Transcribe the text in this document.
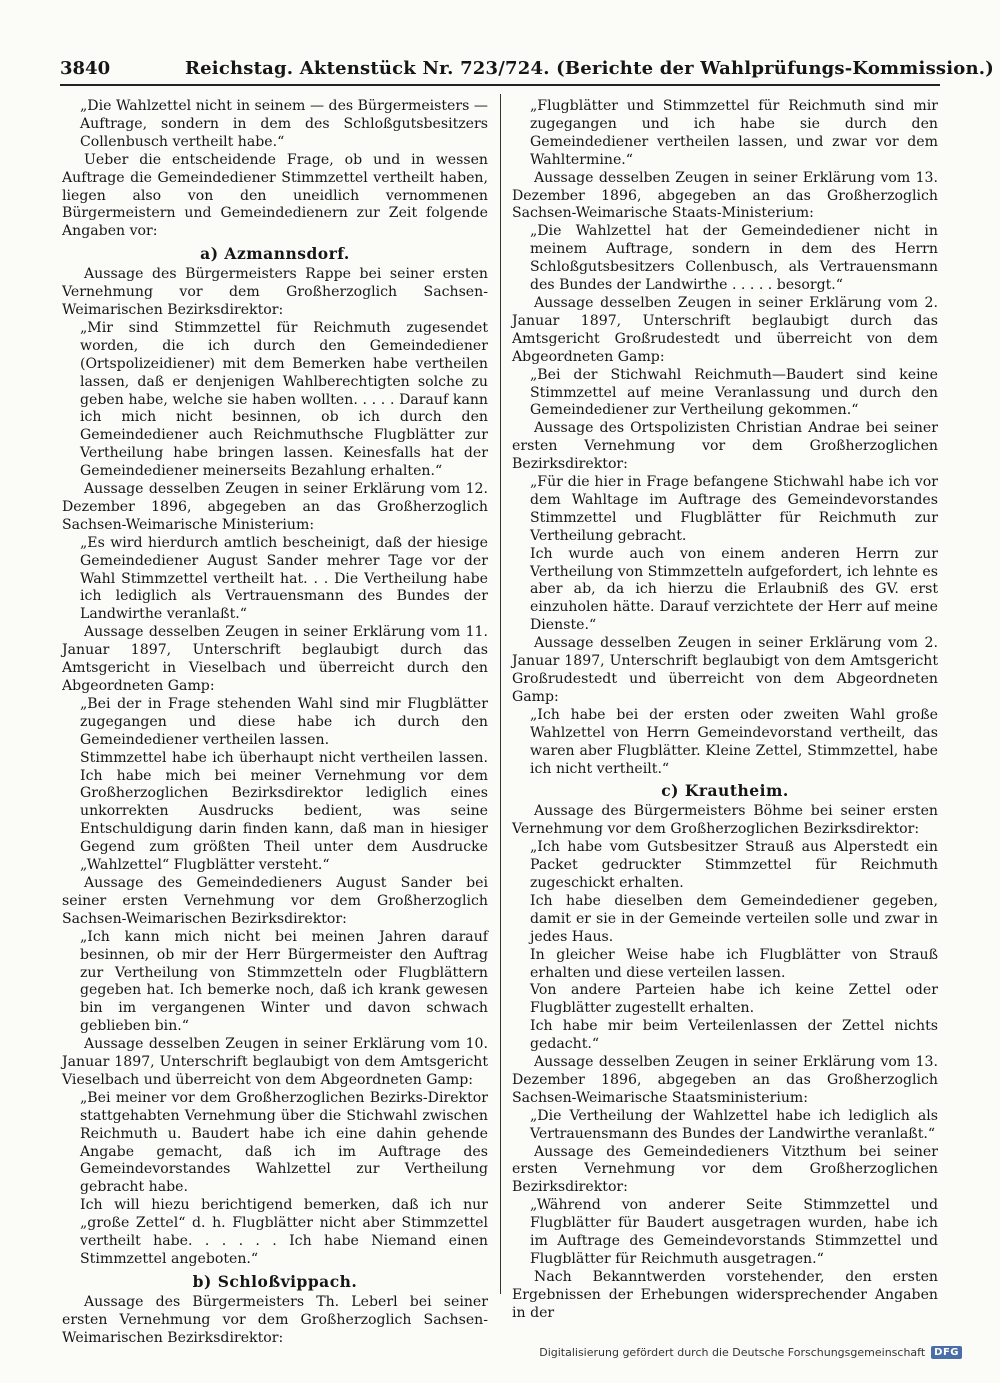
3840	Reichstag. Aktenstück Nr. 723/724. (Berichte der Wahlprüfungs-Kommission.)

„Die Wahlzettel nicht in seinem — des Bürgermeisters — Auftrage, sondern in dem des Schloßgutsbesitzers Collenbusch vertheilt habe.“

Ueber die entscheidende Frage, ob und in wessen Auftrage die Gemeindediener Stimmzettel vertheilt haben, liegen also von den uneidlich vernommenen Bürgermeistern und Gemeindedienern zur Zeit folgende Angaben vor:

a) Azmannsdorf.

Aussage des Bürgermeisters Rappe bei seiner ersten Vernehmung vor dem Großherzoglich Sachsen-Weimarischen Bezirksdirektor:

„Mir sind Stimmzettel für Reichmuth zugesendet worden, die ich durch den Gemeindediener (Ortspolizeidiener) mit dem Bemerken habe vertheilen lassen, daß er denjenigen Wahlberechtigten solche zu geben habe, welche sie haben wollten. . . . . Darauf kann ich mich nicht besinnen, ob ich durch den Gemeindediener auch Reichmuthsche Flugblätter zur Vertheilung habe bringen lassen. Keinesfalls hat der Gemeindediener meinerseits Bezahlung erhalten.“

Aussage desselben Zeugen in seiner Erklärung vom 12. Dezember 1896, abgegeben an das Großherzoglich Sachsen-Weimarische Ministerium:

„Es wird hierdurch amtlich bescheinigt, daß der hiesige Gemeindediener August Sander mehrer Tage vor der Wahl Stimmzettel vertheilt hat. . . Die Vertheilung habe ich lediglich als Vertrauensmann des Bundes der Landwirthe veranlaßt.“

Aussage desselben Zeugen in seiner Erklärung vom 11. Januar 1897, Unterschrift beglaubigt durch das Amtsgericht in Vieselbach und überreicht durch den Abgeordneten Gamp:

„Bei der in Frage stehenden Wahl sind mir Flugblätter zugegangen und diese habe ich durch den Gemeindediener vertheilen lassen.

Stimmzettel habe ich überhaupt nicht vertheilen lassen. Ich habe mich bei meiner Vernehmung vor dem Großherzoglichen Bezirksdirektor lediglich eines unkorrekten Ausdrucks bedient, was seine Entschuldigung darin finden kann, daß man in hiesiger Gegend zum größten Theil unter dem Ausdrucke „Wahlzettel“ Flugblätter versteht.“

Aussage des Gemeindedieners August Sander bei seiner ersten Vernehmung vor dem Großherzoglich Sachsen-Weimarischen Bezirksdirektor:

„Ich kann mich nicht bei meinen Jahren darauf besinnen, ob mir der Herr Bürgermeister den Auftrag zur Vertheilung von Stimmzetteln oder Flugblättern gegeben hat. Ich bemerke noch, daß ich krank gewesen bin im vergangenen Winter und davon schwach geblieben bin.“

Aussage desselben Zeugen in seiner Erklärung vom 10. Januar 1897, Unterschrift beglaubigt von dem Amtsgericht Vieselbach und überreicht von dem Abgeordneten Gamp:

„Bei meiner vor dem Großherzoglichen Bezirks-Direktor stattgehabten Vernehmung über die Stichwahl zwischen Reichmuth u. Baudert habe ich eine dahin gehende Angabe gemacht, daß ich im Auftrage des Gemeindevorstandes Wahlzettel zur Vertheilung gebracht habe.

Ich will hiezu berichtigend bemerken, daß ich nur „große Zettel“ d. h. Flugblätter nicht aber Stimmzettel vertheilt habe. . . . . . Ich habe Niemand einen Stimmzettel angeboten.“

b) Schloßvippach.

Aussage des Bürgermeisters Th. Leberl bei seiner ersten Vernehmung vor dem Großherzoglich Sachsen-Weimarischen Bezirksdirektor:

„Flugblätter und Stimmzettel für Reichmuth sind mir zugegangen und ich habe sie durch den Gemeindediener vertheilen lassen, und zwar vor dem Wahltermine.“

Aussage desselben Zeugen in seiner Erklärung vom 13. Dezember 1896, abgegeben an das Großherzoglich Sachsen-Weimarische Staats-Ministerium:

„Die Wahlzettel hat der Gemeindediener nicht in meinem Auftrage, sondern in dem des Herrn Schloßgutsbesitzers Collenbusch, als Vertrauensmann des Bundes der Landwirthe . . . . . besorgt.“

Aussage desselben Zeugen in seiner Erklärung vom 2. Januar 1897, Unterschrift beglaubigt durch das Amtsgericht Großrudestedt und überreicht von dem Abgeordneten Gamp:

„Bei der Stichwahl Reichmuth—Baudert sind keine Stimmzettel auf meine Veranlassung und durch den Gemeindediener zur Vertheilung gekommen.“

Aussage des Ortspolizisten Christian Andrae bei seiner ersten Vernehmung vor dem Großherzoglichen Bezirksdirektor:

„Für die hier in Frage befangene Stichwahl habe ich vor dem Wahltage im Auftrage des Gemeindevorstandes Stimmzettel und Flugblätter für Reichmuth zur Vertheilung gebracht.

Ich wurde auch von einem anderen Herrn zur Vertheilung von Stimmzetteln aufgefordert, ich lehnte es aber ab, da ich hierzu die Erlaubniß des GV. erst einzuholen hätte. Darauf verzichtete der Herr auf meine Dienste.“

Aussage desselben Zeugen in seiner Erklärung vom 2. Januar 1897, Unterschrift beglaubigt von dem Amtsgericht Großrudestedt und überreicht von dem Abgeordneten Gamp:

„Ich habe bei der ersten oder zweiten Wahl große Wahlzettel von Herrn Gemeindevorstand vertheilt, das waren aber Flugblätter. Kleine Zettel, Stimmzettel, habe ich nicht vertheilt.“

c) Krautheim.

Aussage des Bürgermeisters Böhme bei seiner ersten Vernehmung vor dem Großherzoglichen Bezirksdirektor:

„Ich habe vom Gutsbesitzer Strauß aus Alperstedt ein Packet gedruckter Stimmzettel für Reichmuth zugeschickt erhalten.

Ich habe dieselben dem Gemeindediener gegeben, damit er sie in der Gemeinde verteilen solle und zwar in jedes Haus.

In gleicher Weise habe ich Flugblätter von Strauß erhalten und diese verteilen lassen.

Von andere Parteien habe ich keine Zettel oder Flugblätter zugestellt erhalten.

Ich habe mir beim Verteilenlassen der Zettel nichts gedacht.“

Aussage desselben Zeugen in seiner Erklärung vom 13. Dezember 1896, abgegeben an das Großherzoglich Sachsen-Weimarische Staatsministerium:

„Die Vertheilung der Wahlzettel habe ich lediglich als Vertrauensmann des Bundes der Landwirthe veranlaßt.“

Aussage des Gemeindedieners Vitzthum bei seiner ersten Vernehmung vor dem Großherzoglichen Bezirksdirektor:

„Während von anderer Seite Stimmzettel und Flugblätter für Baudert ausgetragen wurden, habe ich im Auftrage des Gemeindevorstands Stimmzettel und Flugblätter für Reichmuth ausgetragen.“

Nach Bekanntwerden vorstehender, den ersten Ergebnissen der Erhebungen widersprechender Angaben in der

Digitalisierung gefördert durch die Deutsche Forschungsgemeinschaft DFG
